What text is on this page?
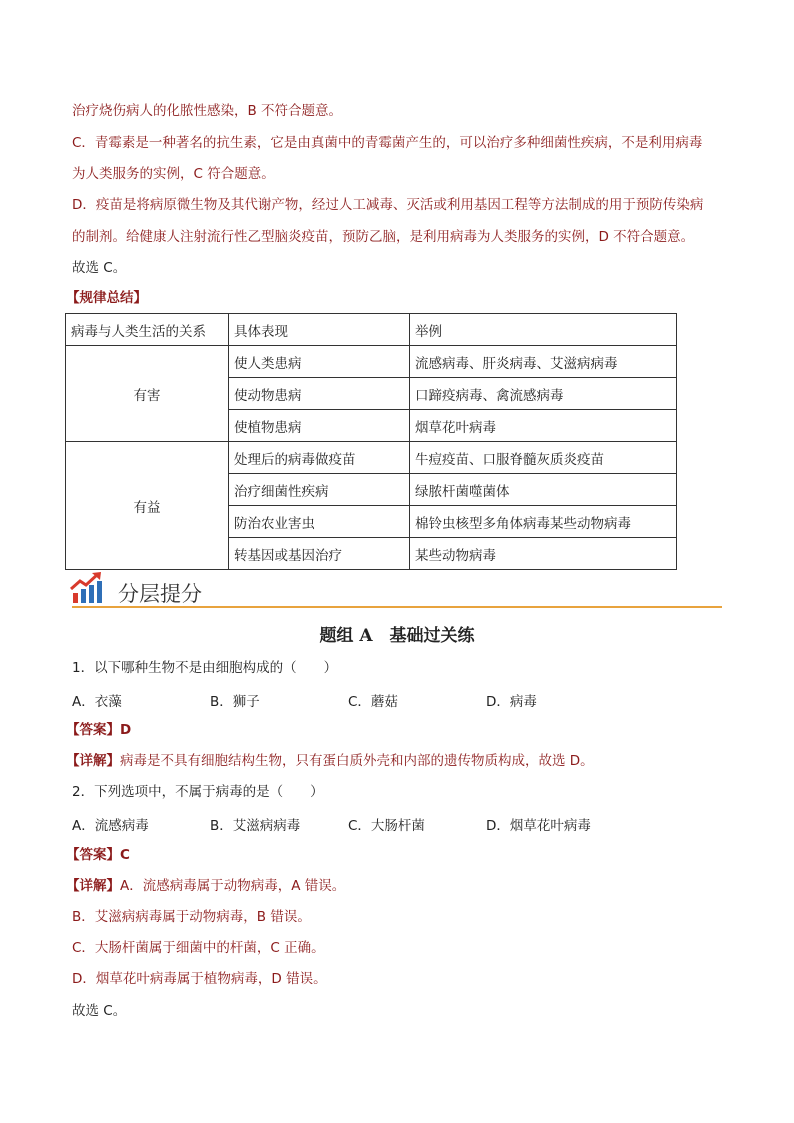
治疗烧伤病人的化脓性感染，B 不符合题意。
C．青霉素是一种著名的抗生素，它是由真菌中的青霉菌产生的，可以治疗多种细菌性疾病，不是利用病毒
为人类服务的实例，C 符合题意。
D．疫苗是将病原微生物及其代谢产物，经过人工减毒、灭活或利用基因工程等方法制成的用于预防传染病
的制剂。给健康人注射流行性乙型脑炎疫苗，预防乙脑，是利用病毒为人类服务的实例，D 不符合题意。
故选 C。
【规律总结】
病毒与人类生活的关系	具体表现	举例
有害	使人类患病	流感病毒、肝炎病毒、艾滋病病毒
	使动物患病	口蹄疫病毒、禽流感病毒
	使植物患病	烟草花叶病毒
有益	处理后的病毒做疫苗	牛痘疫苗、口服脊髓灰质炎疫苗
	治疗细菌性疾病	绿脓杆菌噬菌体
	防治农业害虫	棉铃虫核型多角体病毒某些动物病毒
	转基因或基因治疗	某些动物病毒
分层提分
题组 A　基础过关练
1．以下哪种生物不是由细胞构成的（　　）
A．衣藻	B．狮子	C．蘑菇	D．病毒
【答案】D
【详解】病毒是不具有细胞结构生物，只有蛋白质外壳和内部的遗传物质构成，故选 D。
2．下列选项中，不属于病毒的是（　　）
A．流感病毒	B．艾滋病病毒	C．大肠杆菌	D．烟草花叶病毒
【答案】C
【详解】A．流感病毒属于动物病毒，A 错误。
B．艾滋病病毒属于动物病毒，B 错误。
C．大肠杆菌属于细菌中的杆菌，C 正确。
D．烟草花叶病毒属于植物病毒，D 错误。
故选 C。
